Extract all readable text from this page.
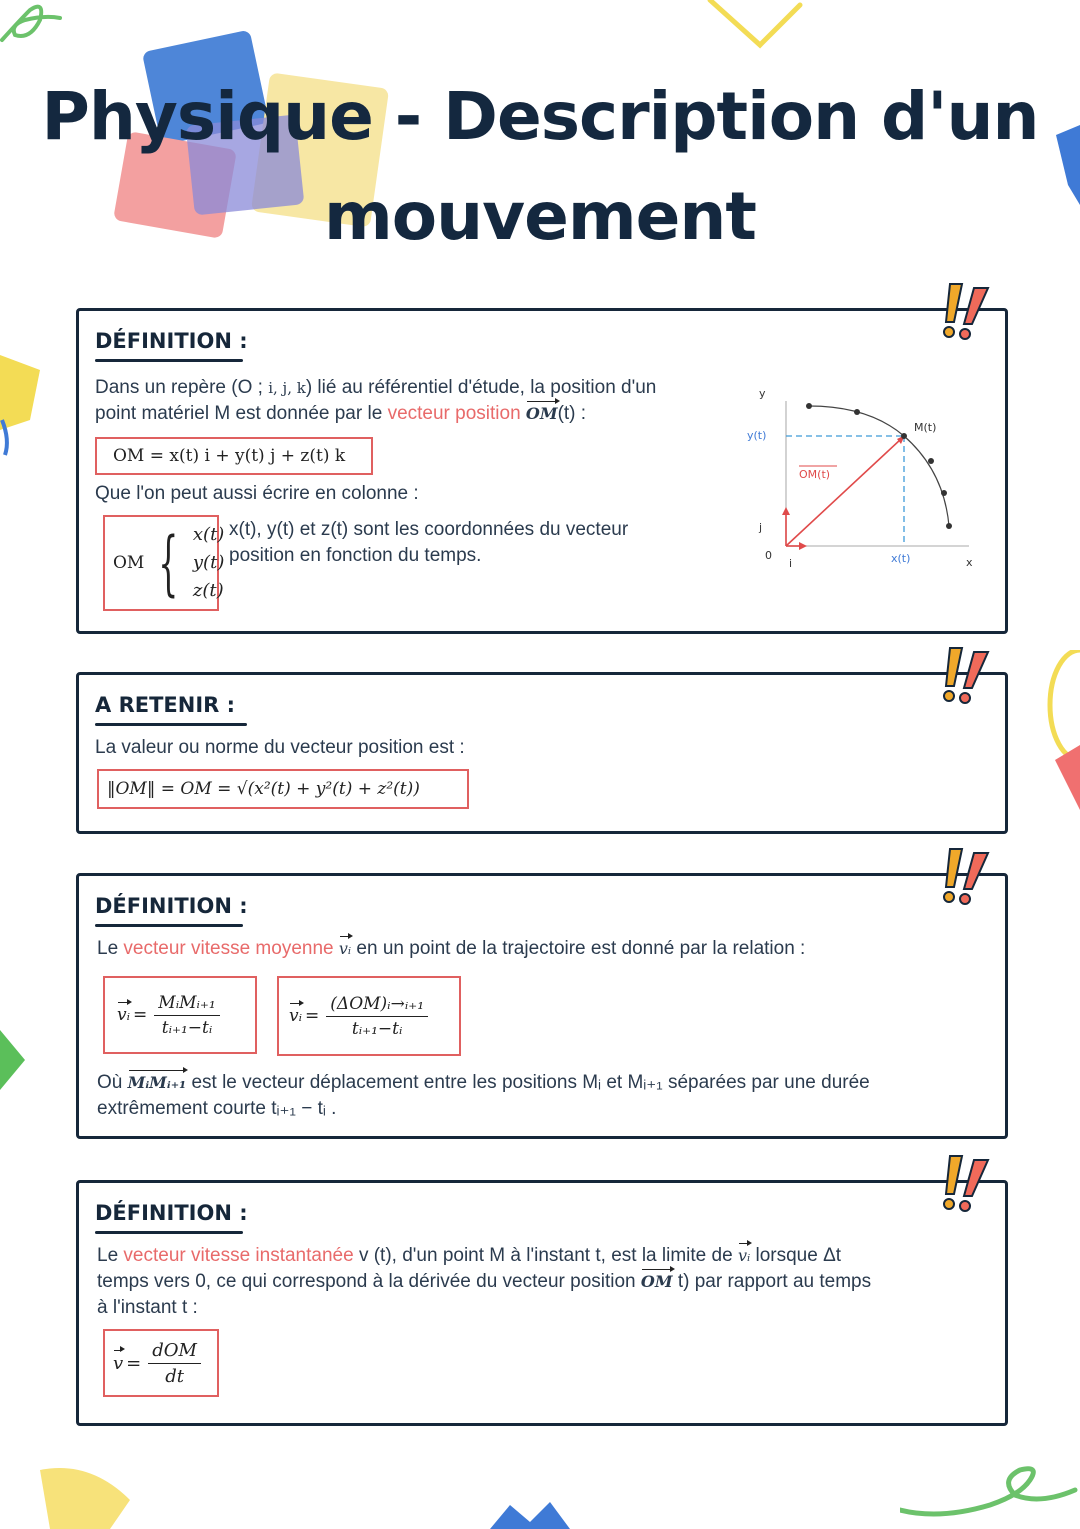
Physique - Description d'un
mouvement
DÉFINITION :
Dans un repère (O ; i, j, k) lié au référentiel d'étude, la position d'un
point matériel M est donnée par le vecteur position OM(t) :
OM = x(t) i + y(t) j + z(t) k
Que l'on peut aussi écrire en colonne :
OM { x(t)
y(t)
z(t)
x(t), y(t) et z(t) sont les coordonnées du vecteur
position en fonction du temps.
y
x
0
y(t)
x(t)
M(t)
OM(t)
j
i
A RETENIR :
La valeur ou norme du vecteur position est :
‖OM‖ = OM = √(x²(t) + y²(t) + z²(t))
DÉFINITION :
Le vecteur vitesse moyenne vᵢ en un point de la trajectoire est donné par la relation :
vᵢ = $\frac{\text{MᵢMᵢ₊₁}}{\text{tᵢ₊₁−tᵢ}}$	vᵢ = $\frac{\text{(ΔOM)ᵢ→ᵢ₊₁}}{\text{tᵢ₊₁−tᵢ}}$
Où MᵢMᵢ₊₁ est le vecteur déplacement entre les positions Mᵢ et Mᵢ₊₁ séparées par une durée
extrêmement courte tᵢ₊₁ − tᵢ .
DÉFINITION :
Le vecteur vitesse instantanée v (t), d'un point M à l'instant t, est la limite de vᵢ lorsque Δt
temps vers 0, ce qui correspond à la dérivée du vecteur position OM t) par rapport au temps
à l'instant t :
$v = \frac{\text{dOM}}{dt}$
